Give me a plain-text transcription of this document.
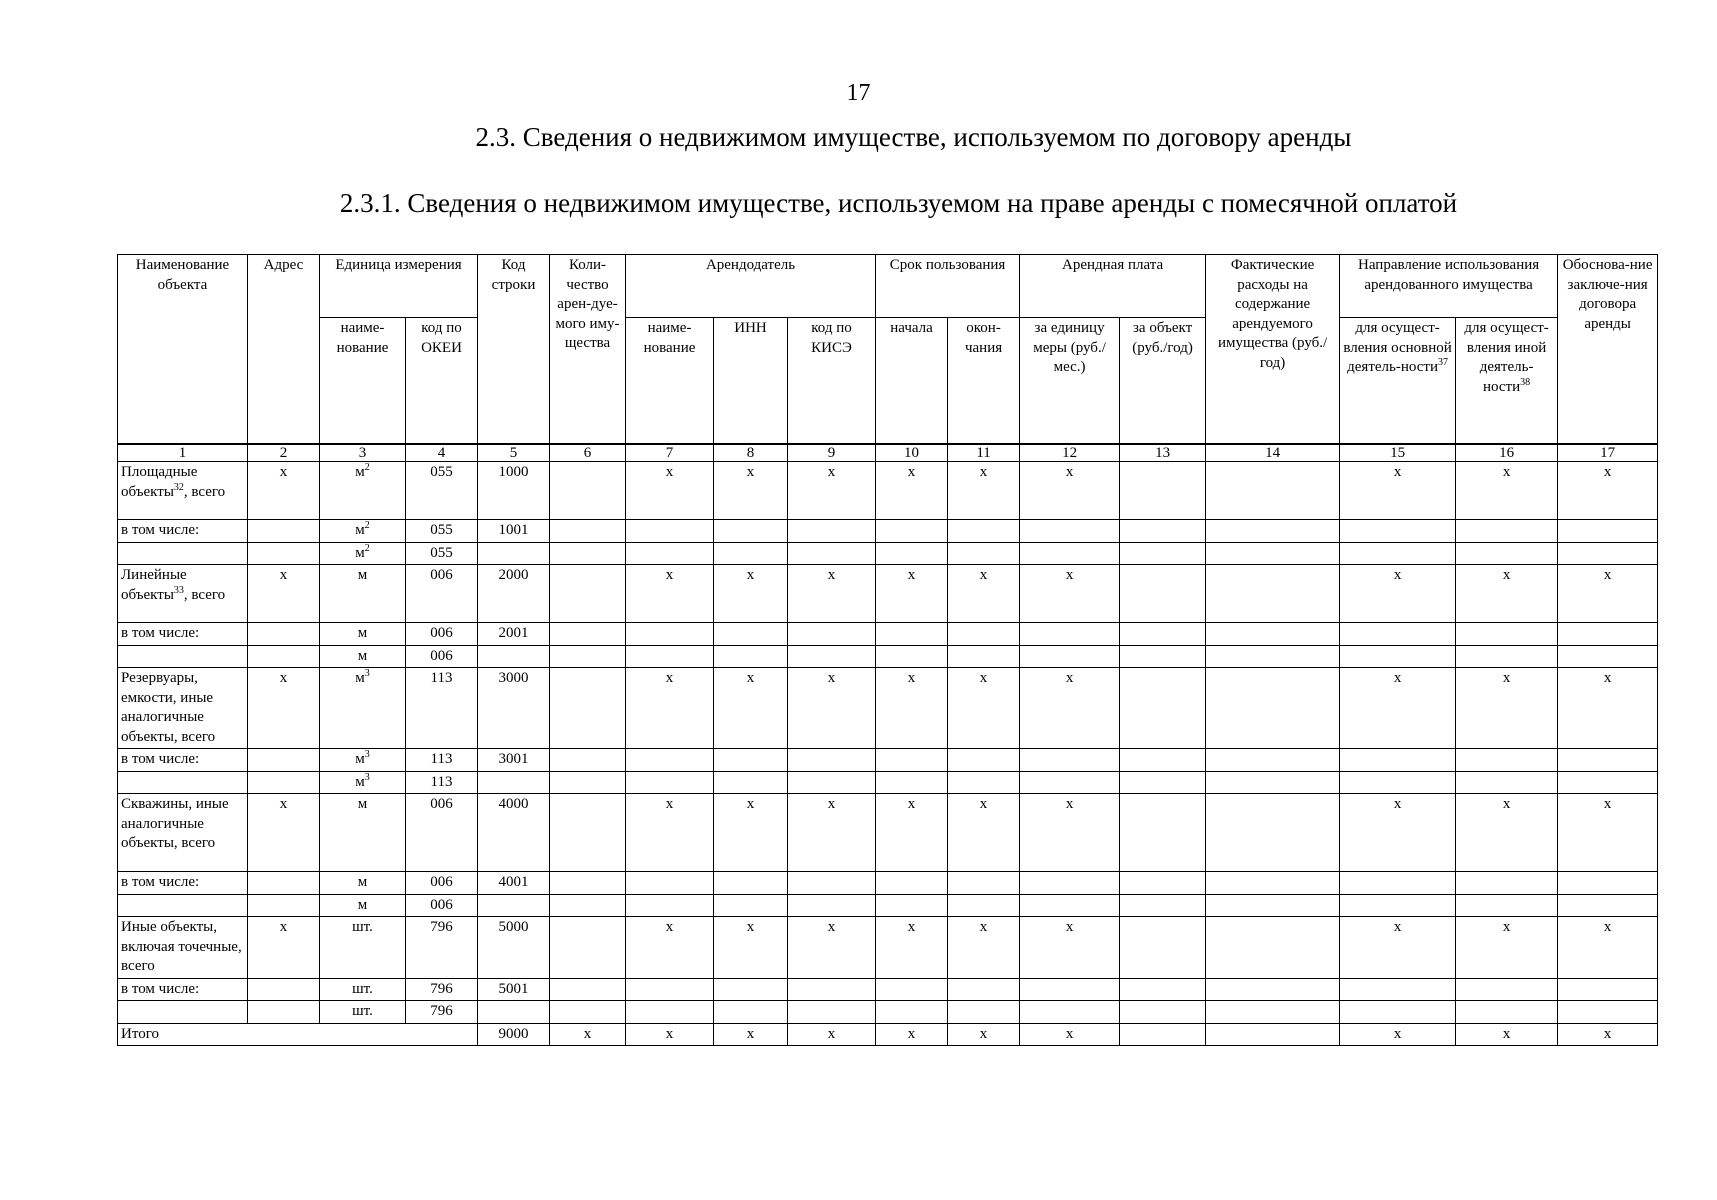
17
2.3. Сведения о недвижимом имуществе, используемом по договору аренды
2.3.1. Сведения о недвижимом имуществе, используемом на праве аренды с помесячной оплатой
Наименование объекта	Адрес	Единица измерения		Код строки	Коли-чество арен-дуе-мого иму-щества	Арендодатель			Срок пользования		Арендная плата		Фактические расходы на содержание арендуемого имущества (руб./год)	Направление использования арендованного имущества		Обоснова-ние заключе-ния договора аренды
		наиме-нование	код по ОКЕИ			наиме-нование	ИНН	код по КИСЭ	начала	окон-чания	за единицу меры (руб./мес.)	за объект (руб./год)		для осущест-вления основной деятель-ности$^{37}$	для осущест-вления иной деятель-ности$^{38}$
1	2	3	4	5	6	7	8	9	10	11	12	13	14	15	16	17
Площадные объекты$^{32}$, всего	x	$м^2$	055	1000		x	x	x	x	x	x			x	x	x
в том числе:		$м^2$	055	1001												
		$м^2$	055													
Линейные объекты$^{33}$, всего	x	м	006	2000		x	x	x	x	x	x			x	x	x
в том числе:		м	006	2001												
		м	006													
Резервуары, емкости, иные аналогичные объекты, всего	x	$м^3$	113	3000		x	x	x	x	x	x			x	x	x
в том числе:		$м^3$	113	3001												
		$м^3$	113													
Скважины, иные аналогичные объекты, всего	x	м	006	4000		x	x	x	x	x	x			x	x	x
в том числе:		м	006	4001												
		м	006													
Иные объекты, включая точечные, всего	x	шт.	796	5000		x	x	x	x	x	x			x	x	x
в том числе:		шт.	796	5001												
		шт.	796													
Итого				9000	x	x	x	x	x	x	x			x	x	x
